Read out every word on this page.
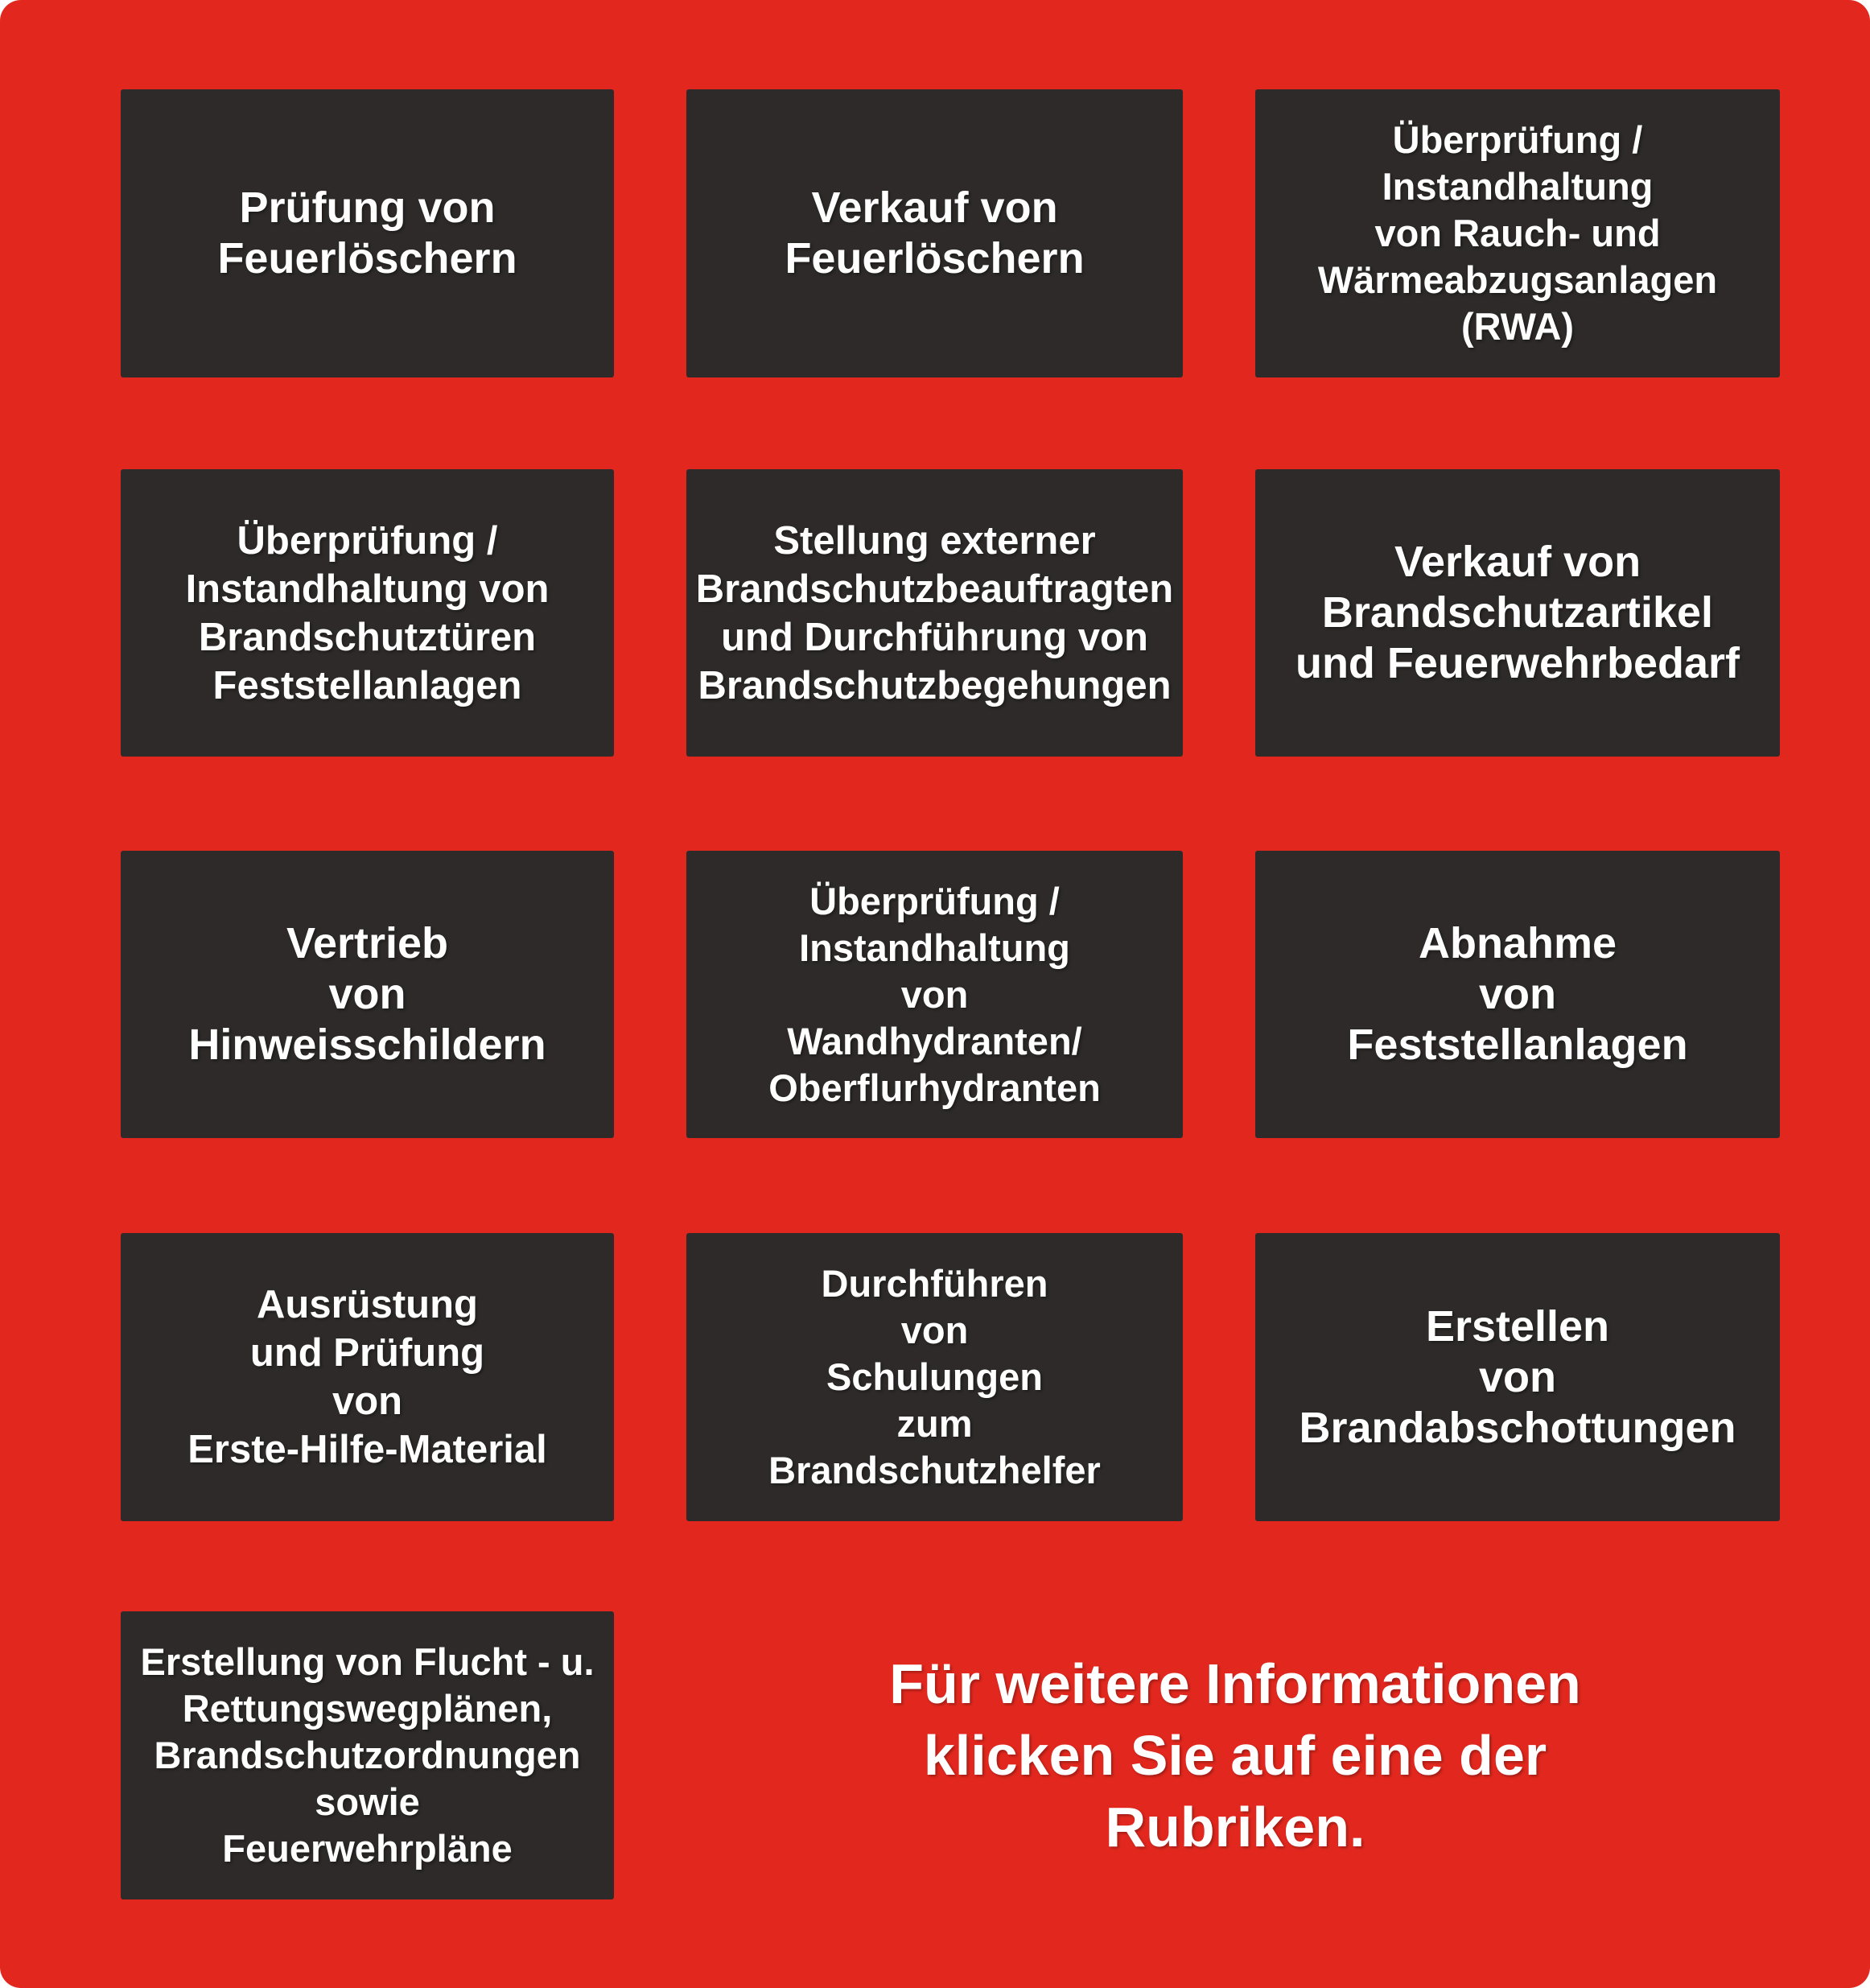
Prüfung von
Feuerlöschern
Verkauf von
Feuerlöschern
Überprüfung /
Instandhaltung
von Rauch- und
Wärmeabzugsanlagen
(RWA)
Überprüfung /
Instandhaltung von
Brandschutztüren
Feststellanlagen
Stellung externer
Brandschutzbeauftragten
und Durchführung von
Brandschutzbegehungen
Verkauf von
Brandschutzartikel
und Feuerwehrbedarf
Vertrieb
von
Hinweisschildern
Überprüfung /
Instandhaltung
von
Wandhydranten/
Oberflurhydranten
Abnahme
von
Feststellanlagen
Ausrüstung
und Prüfung
von
Erste-Hilfe-Material
Durchführen
von
Schulungen
zum
Brandschutzhelfer
Erstellen
von
Brandabschottungen
Erstellung von Flucht - u.
Rettungswegplänen,
Brandschutzordnungen
sowie
Feuerwehrpläne
Für weitere Informationen
klicken Sie auf eine der
Rubriken.
